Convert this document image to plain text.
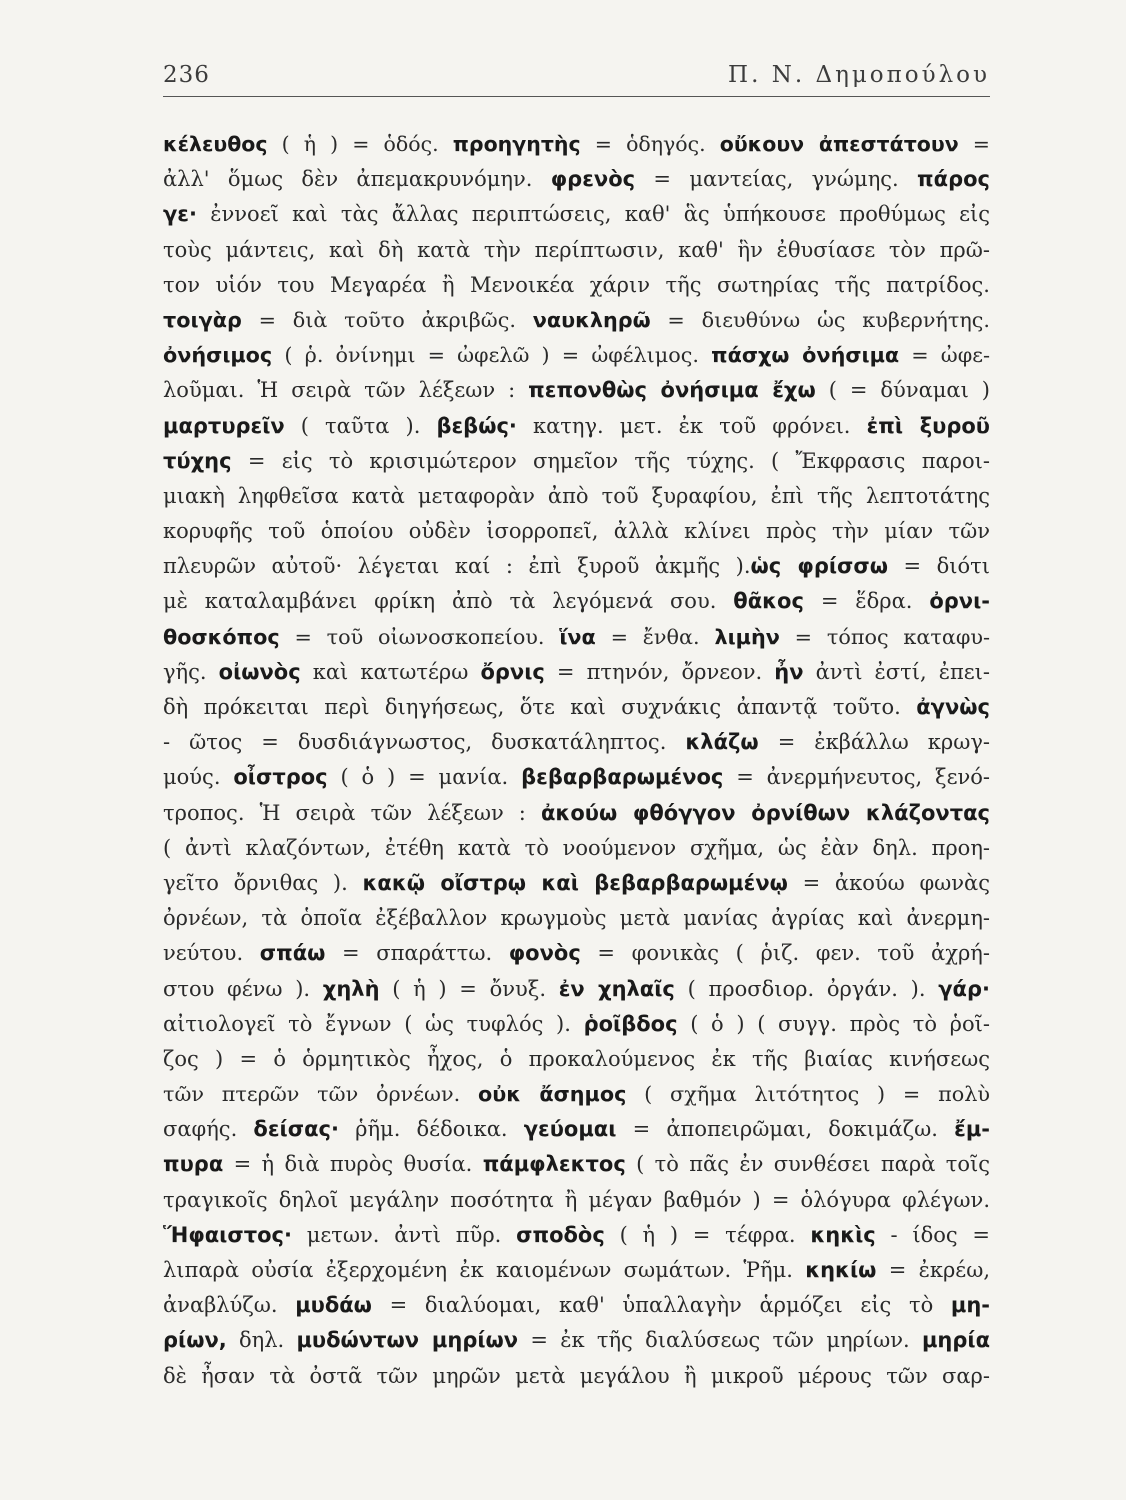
236	Π. Ν. Δημοπούλου
κέλευθος ( ἡ ) = ὁδός. προηγητὴς = ὁδηγός. οὔκουν ἀπεστάτουν =
ἀλλ' ὅμως δὲν ἀπεμακρυνόμην. φρενὸς = μαντείας, γνώμης. πάρος
γε· ἐννοεῖ καὶ τὰς ἄλλας περιπτώσεις, καθ' ἃς ὑπήκουσε προθύμως εἰς
τοὺς μάντεις, καὶ δὴ κατὰ τὴν περίπτωσιν, καθ' ἣν ἐθυσίασε τὸν πρῶ-
τον υἱόν του Μεγαρέα ἢ Μενοικέα χάριν τῆς σωτηρίας τῆς πατρίδος.
τοιγὰρ = διὰ τοῦτο ἀκριβῶς. ναυκληρῶ = διευθύνω ὡς κυβερνήτης.
ὀνήσιμος ( ῥ. ὀνίνημι = ὠφελῶ ) = ὠφέλιμος. πάσχω ὀνήσιμα = ὠφε-
λοῦμαι. Ἡ σειρὰ τῶν λέξεων : πεπονθὼς ὀνήσιμα ἔχω ( = δύναμαι )
μαρτυρεῖν ( ταῦτα ). βεβώς· κατηγ. μετ. ἐκ τοῦ φρόνει. ἐπὶ ξυροῦ
τύχης = εἰς τὸ κρισιμώτερον σημεῖον τῆς τύχης. ( Ἔκφρασις παροι-
μιακὴ ληφθεῖσα κατὰ μεταφορὰν ἀπὸ τοῦ ξυραφίου, ἐπὶ τῆς λεπτοτάτης
κορυφῆς τοῦ ὁποίου οὐδὲν ἰσορροπεῖ, ἀλλὰ κλίνει πρὸς τὴν μίαν τῶν
πλευρῶν αὐτοῦ· λέγεται καί : ἐπὶ ξυροῦ ἀκμῆς ).ὡς φρίσσω = διότι
μὲ καταλαμβάνει φρίκη ἀπὸ τὰ λεγόμενά σου. θᾶκος = ἕδρα. ὀρνι-
θοσκόπος = τοῦ οἰωνοσκοπείου. ἵνα = ἔνθα. λιμὴν = τόπος καταφυ-
γῆς. οἰωνὸς καὶ κατωτέρω ὄρνις = πτηνόν, ὄρνεον. ἦν ἀντὶ ἐστί, ἐπει-
δὴ πρόκειται περὶ διηγήσεως, ὅτε καὶ συχνάκις ἀπαντᾷ τοῦτο. ἀγνὼς
- ῶτος = δυσδιάγνωστος, δυσκατάληπτος. κλάζω = ἐκβάλλω κρωγ-
μούς. οἶστρος ( ὁ ) = μανία. βεβαρβαρωμένος = ἀνερμήνευτος, ξενό-
τροπος. Ἡ σειρὰ τῶν λέξεων : ἀκούω φθόγγον ὀρνίθων κλάζοντας
( ἀντὶ κλαζόντων, ἐτέθη κατὰ τὸ νοούμενον σχῆμα, ὡς ἐὰν δηλ. προη-
γεῖτο ὄρνιθας ). κακῷ οἴστρῳ καὶ βεβαρβαρωμένῳ = ἀκούω φωνὰς
ὀρνέων, τὰ ὁποῖα ἐξέβαλλον κρωγμοὺς μετὰ μανίας ἀγρίας καὶ ἀνερμη-
νεύτου. σπάω = σπαράττω. φονὸς = φονικὰς ( ῥιζ. φεν. τοῦ ἀχρή-
στου φένω ). χηλὴ ( ἡ ) = ὄνυξ. ἐν χηλαῖς ( προσδιορ. ὀργάν. ). γάρ·
αἰτιολογεῖ τὸ ἔγνων ( ὡς τυφλός ). ῥοῖβδος ( ὁ ) ( συγγ. πρὸς τὸ ῥοῖ-
ζος ) = ὁ ὁρμητικὸς ἦχος, ὁ προκαλούμενος ἐκ τῆς βιαίας κινήσεως
τῶν πτερῶν τῶν ὀρνέων. οὐκ ἄσημος ( σχῆμα λιτότητος ) = πολὺ
σαφής. δείσας· ῥῆμ. δέδοικα. γεύομαι = ἀποπειρῶμαι, δοκιμάζω. ἔμ-
πυρα = ἡ διὰ πυρὸς θυσία. πάμφλεκτος ( τὸ πᾶς ἐν συνθέσει παρὰ τοῖς
τραγικοῖς δηλοῖ μεγάλην ποσότητα ἢ μέγαν βαθμόν ) = ὁλόγυρα φλέγων.
Ἥφαιστος· μετων. ἀντὶ πῦρ. σποδὸς ( ἡ ) = τέφρα. κηκὶς - ίδος =
λιπαρὰ οὐσία ἐξερχομένη ἐκ καιομένων σωμάτων. Ῥῆμ. κηκίω = ἐκρέω,
ἀναβλύζω. μυδάω = διαλύομαι, καθ' ὑπαλλαγὴν ἁρμόζει εἰς τὸ μη-
ρίων, δηλ. μυδώντων μηρίων = ἐκ τῆς διαλύσεως τῶν μηρίων. μηρία
δὲ ἦσαν τὰ ὀστᾶ τῶν μηρῶν μετὰ μεγάλου ἢ μικροῦ μέρους τῶν σαρ-
